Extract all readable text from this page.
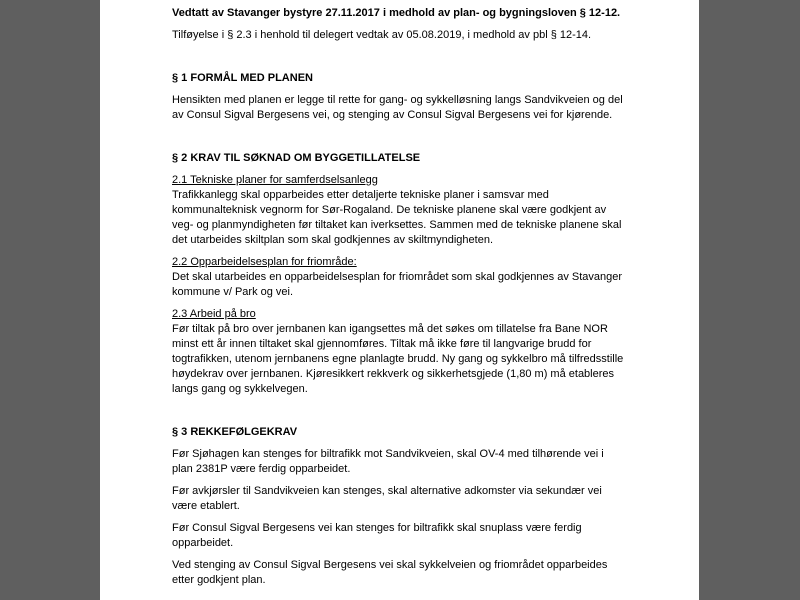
Vedtatt av Stavanger bystyre 27.11.2017 i medhold av plan- og bygningsloven § 12-12.

Tilføyelse i § 2.3 i henhold til delegert vedtak av 05.08.2019, i medhold av pbl § 12-14.

§ 1 FORMÅL MED PLANEN

Hensikten med planen er legge til rette for gang- og sykkelløsning langs Sandvikveien og del
av Consul Sigval Bergesens vei, og stenging av Consul Sigval Bergesens vei for kjørende.

§ 2 KRAV TIL SØKNAD OM BYGGETILLATELSE

2.1 Tekniske planer for samferdselsanlegg

Trafikkanlegg skal opparbeides etter detaljerte tekniske planer i samsvar med
kommunalteknisk vegnorm for Sør-Rogaland. De tekniske planene skal være godkjent av
veg- og planmyndigheten før tiltaket kan iverksettes. Sammen med de tekniske planene skal
det utarbeides skiltplan som skal godkjennes av skiltmyndigheten.

2.2 Opparbeidelsesplan for friområde:

Det skal utarbeides en opparbeidelsesplan for friområdet som skal godkjennes av Stavanger
kommune v/ Park og vei.

2.3 Arbeid på bro

Før tiltak på bro over jernbanen kan igangsettes må det søkes om tillatelse fra Bane NOR
minst ett år innen tiltaket skal gjennomføres. Tiltak må ikke føre til langvarige brudd for
togtrafikken, utenom jernbanens egne planlagte brudd. Ny gang og sykkelbro må tilfredsstille
høydekrav over jernbanen. Kjøresikkert rekkverk og sikkerhetsgjede (1,80 m) må etableres
langs gang og sykkelvegen.

§ 3 REKKEFØLGEKRAV

Før Sjøhagen kan stenges for biltrafikk mot Sandvikveien, skal OV-4 med tilhørende vei i
plan 2381P være ferdig opparbeidet.

Før avkjørsler til Sandvikveien kan stenges, skal alternative adkomster via sekundær vei
være etablert.

Før Consul Sigval Bergesens vei kan stenges for biltrafikk skal snuplass være ferdig
opparbeidet.

Ved stenging av Consul Sigval Bergesens vei skal sykkelveien og friområdet opparbeides
etter godkjent plan.
